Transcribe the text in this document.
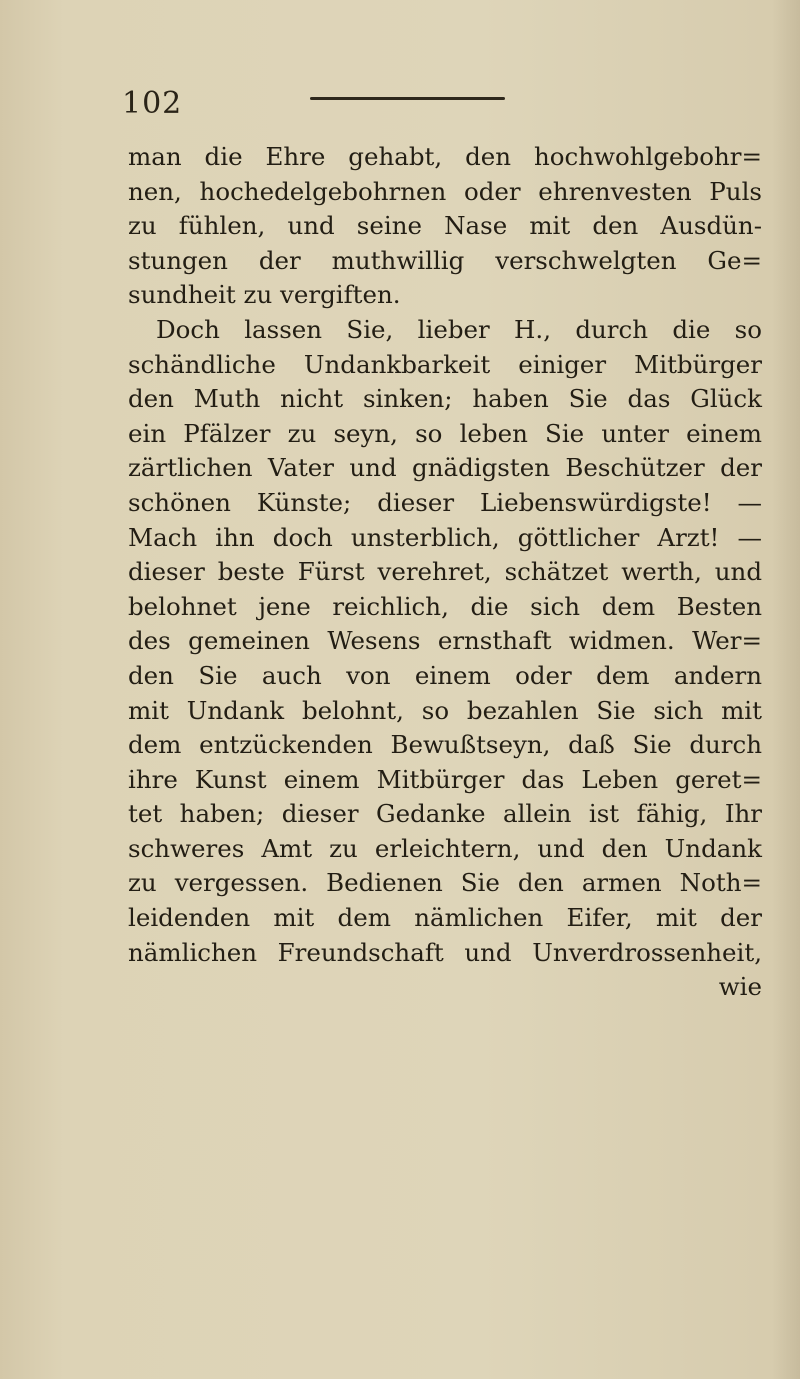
102
man die Ehre gehabt, den hochwohlgebohr=
nen, hochedelgebohrnen oder ehrenvesten Puls
zu fühlen, und seine Nase mit den Ausdün-
stungen der muthwillig verschwelgten Ge=
sundheit zu vergiften.
Doch lassen Sie, lieber H., durch die so
schändliche Undankbarkeit einiger Mitbürger
den Muth nicht sinken; haben Sie das Glück
ein Pfälzer zu seyn, so leben Sie unter einem
zärtlichen Vater und gnädigsten Beschützer der
schönen Künste; dieser Liebenswürdigste! —
Mach ihn doch unsterblich, göttlicher Arzt! —
dieser beste Fürst verehret, schätzet werth, und
belohnet jene reichlich, die sich dem Besten
des gemeinen Wesens ernsthaft widmen. Wer=
den Sie auch von einem oder dem andern
mit Undank belohnt, so bezahlen Sie sich mit
dem entzückenden Bewußtseyn, daß Sie durch
ihre Kunst einem Mitbürger das Leben geret=
tet haben; dieser Gedanke allein ist fähig, Ihr
schweres Amt zu erleichtern, und den Undank
zu vergessen. Bedienen Sie den armen Noth=
leidenden mit dem nämlichen Eifer, mit der
nämlichen Freundschaft und Unverdrossenheit,
wie
